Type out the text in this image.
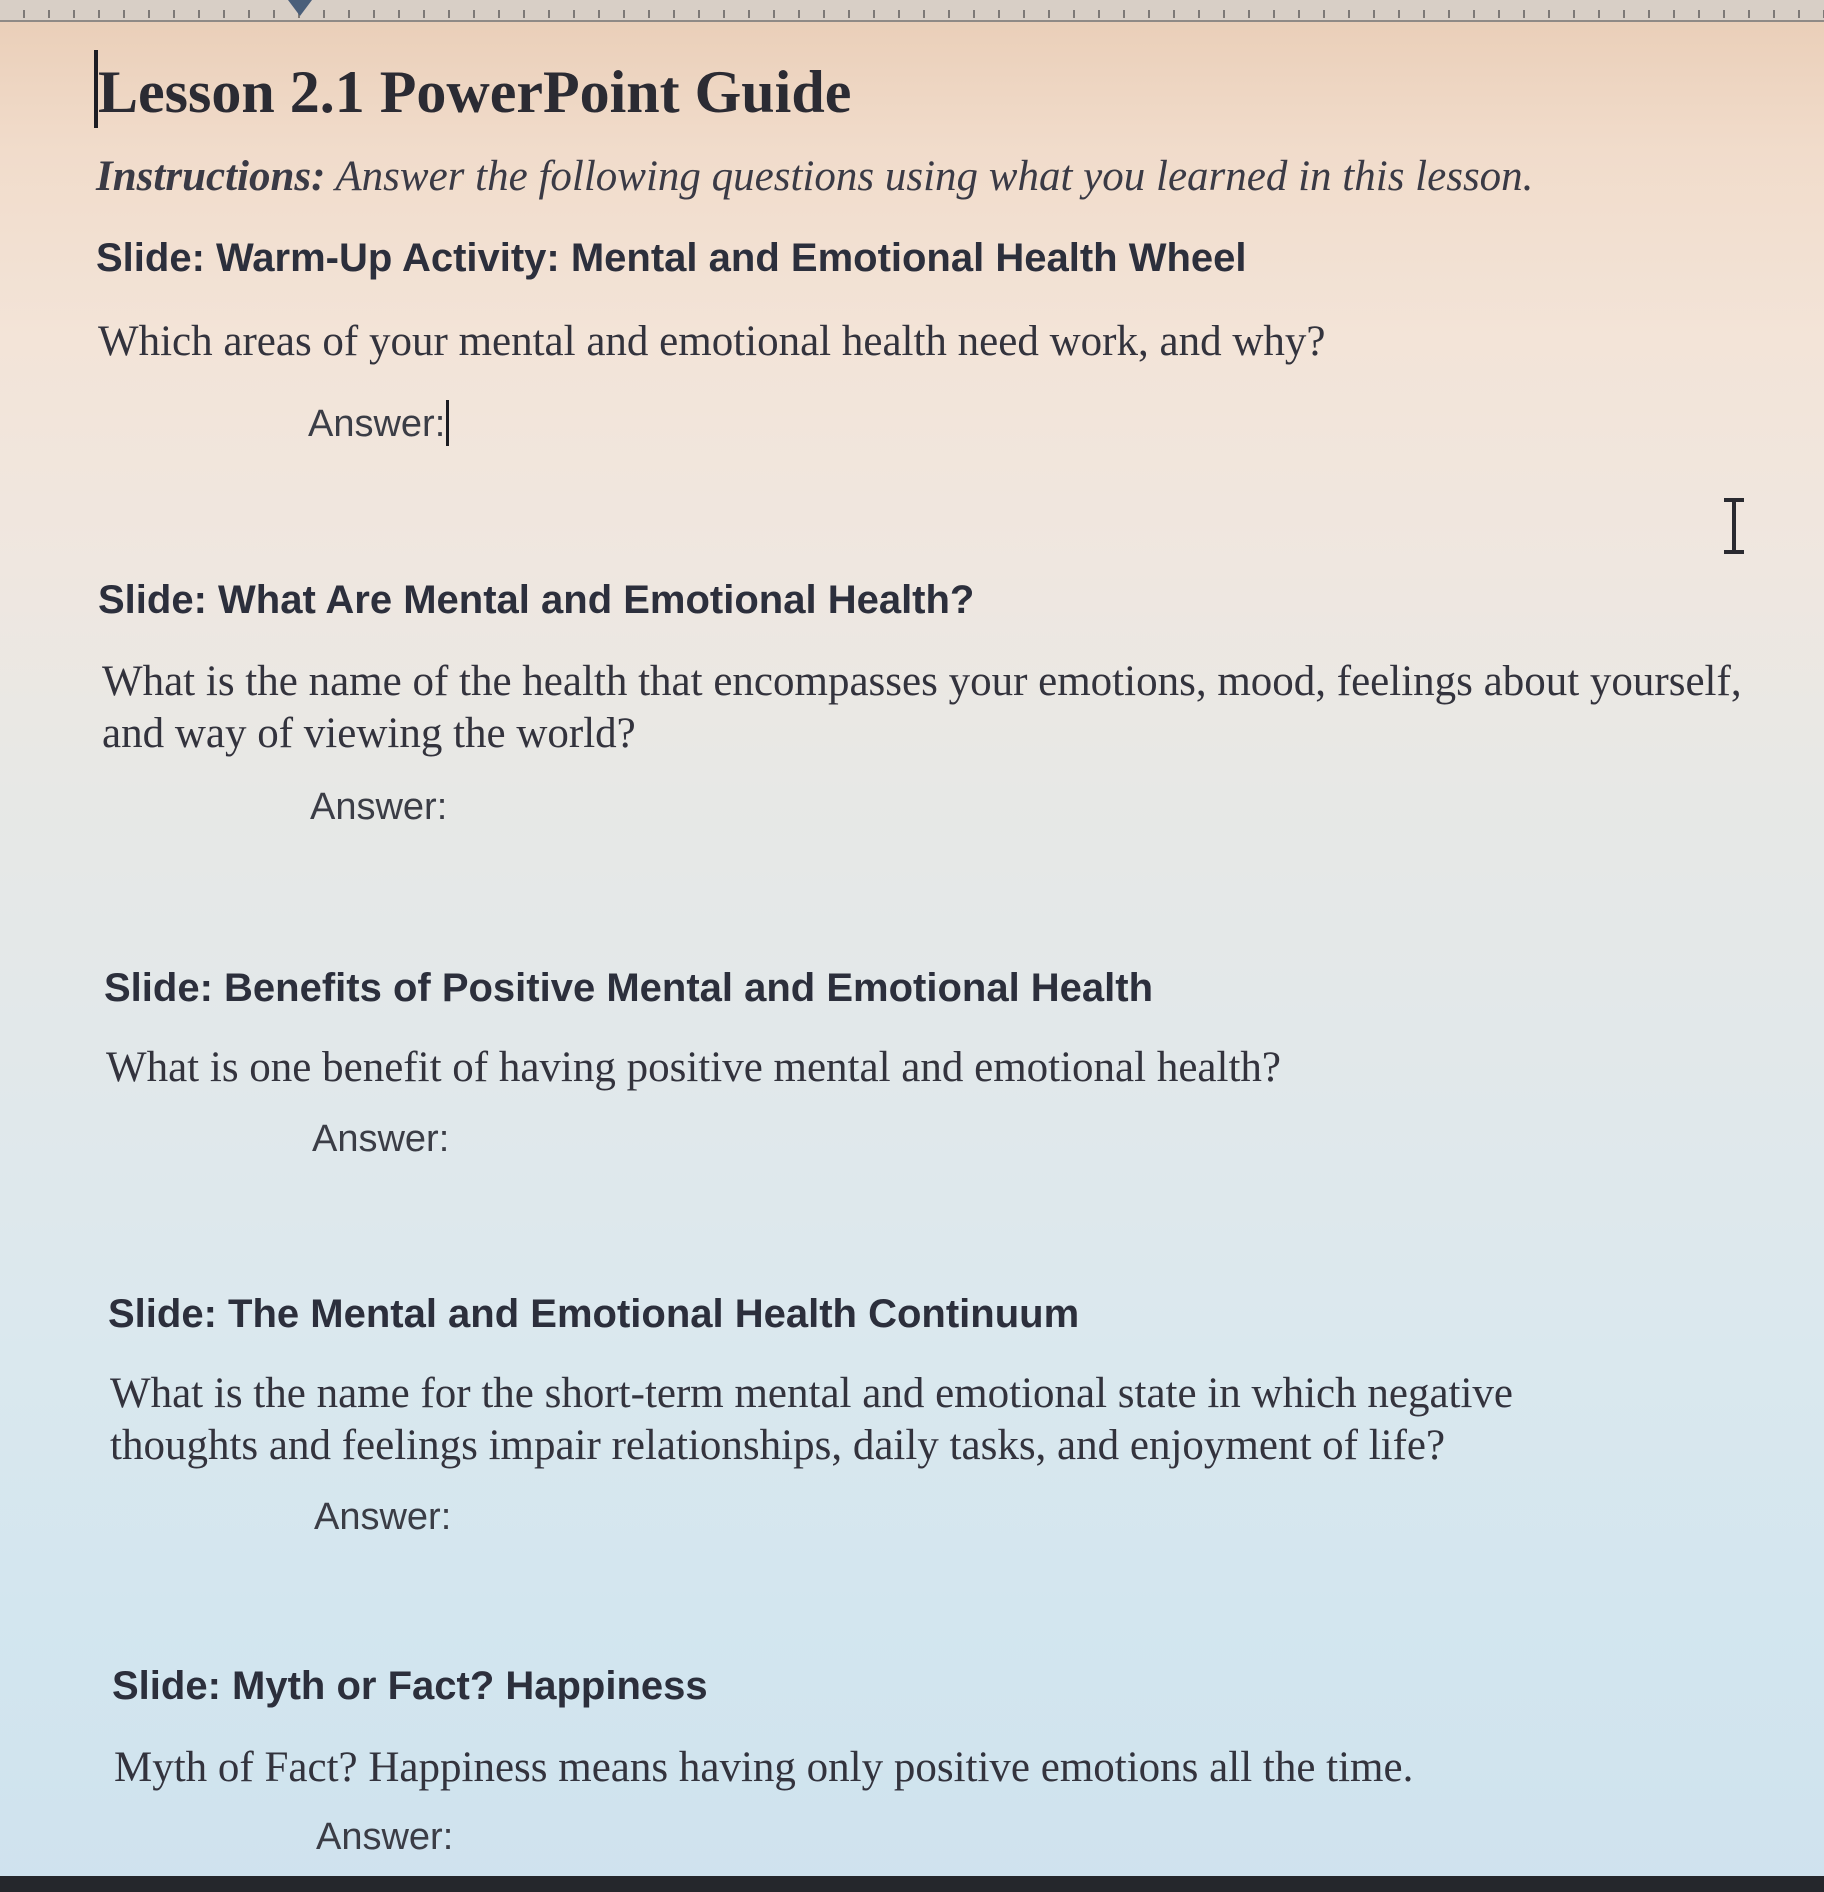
Lesson 2.1 PowerPoint Guide

Instructions: Answer the following questions using what you learned in this lesson.

Slide: Warm-Up Activity: Mental and Emotional Health Wheel

Which areas of your mental and emotional health need work, and why?

Answer:
Slide: What Are Mental and Emotional Health?

What is the name of the health that encompasses your emotions, mood, feelings about yourself, and way of viewing the world?

Answer:
Slide: Benefits of Positive Mental and Emotional Health

What is one benefit of having positive mental and emotional health?

Answer:
Slide: The Mental and Emotional Health Continuum

What is the name for the short-term mental and emotional state in which negative thoughts and feelings impair relationships, daily tasks, and enjoyment of life?

Answer:
Slide: Myth or Fact? Happiness

Myth of Fact? Happiness means having only positive emotions all the time.

Answer:
